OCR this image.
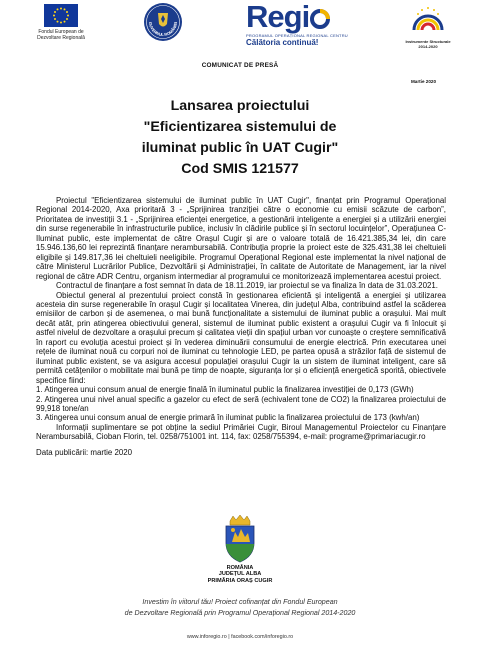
Fondul European de Dezvoltare Regională
GUVERNUL ROMÂNIEI Regi
PROGRAMUL OPERAȚIONAL REGIONAL CENTRU
Călătoria continuă!	Instrumente Structurale 2014-2020
COMUNICAT DE PRESĂ
Martie 2020
Lansarea proiectului
"Eficientizarea sistemului de
iluminat public în UAT Cugir"
Cod SMIS 121577

Proiectul "Eficientizarea sistemului de iluminat public în UAT Cugir", finanțat prin Programul Operațional Regional 2014-2020, Axa prioritară 3 - „Sprijinirea tranziției către o economie cu emisii scăzute de carbon”, Prioritatea de investiții 3.1 - „Sprijinirea eficienței energetice, a gestionării inteligente a energiei și a utilizării energiei din surse regenerabile în infrastructurile publice, inclusiv în clădirile publice și în sectorul locuințelor”, Operațiunea C-Iluminat public, este implementat de către Orașul Cugir și are o valoare totală de 16.421.385,34 lei, din care 15.946.136,60 lei reprezintă finanțare nerambursabilă. Contribuția proprie la proiect este de 325.431,38 lei cheltuieli eligibile și 149.817,36 lei cheltuieli neeligibile. Programul Operațional Regional este implementat la nivel național de către Ministerul Lucrărilor Publice, Dezvoltării și Administrației, în calitate de Autoritate de Management, iar la nivel regional de către ADR Centru, organism intermediar al programului ce monitorizează implementarea acestui proiect.

Contractul de finanțare a fost semnat în data de 18.11.2019, iar proiectul se va finaliza în data de 31.03.2021.

Obiectul general al prezentului proiect constă în gestionarea eficientă și inteligentă a energiei și utilizarea acesteia din surse regenerabile în orașul Cugir și localitatea Vinerea, din județul Alba, contribuind astfel la scăderea emisiilor de carbon și de asemenea, o mai bună funcționalitate a sistemului de iluminat public a orașului. Mai mult decât atât, prin atingerea obiectivului general, sistemul de iluminat public existent a orașului Cugir va fi înlocuit și astfel nivelul de dezvoltare a orașului precum și calitatea vieții din spațiul urban vor cunoaște o creștere semnificativă în raport cu evoluția acestui proiect și în vederea diminuării consumului de energie electrică. Prin executarea unei rețele de iluminat nouă cu corpuri noi de iluminat cu tehnologie LED, pe partea opusă a străzilor față de sistemul de iluminat public existent, se va asigura accesul populației orașului Cugir la un sistem de iluminat inteligent, care să permită cetățenilor o mobilitate mai bună pe timp de noapte, siguranța lor și o eficiență energetică sporită, obiectivele specifice fiind:

1. Atingerea unui consum anual de energie finală în iluminatul public la finalizarea investiției de 0,173 (GWh)

2. Atingerea unui nivel anual specific a gazelor cu efect de seră (echivalent tone de CO2) la finalizarea proiectului de 99,918 tone/an

3. Atingerea unui consum anual de energie primară în iluminat public la finalizarea proiectului de 173 (kwh/an)

Informații suplimentare se pot obține la sediul Primăriei Cugir, Biroul Managementul Proiectelor cu Finanțare Nerambursabilă, Cioban Florin, tel. 0258/751001 int. 114, fax: 0258/755394, e-mail: programe@primariacugir.ro

Data publicării: martie 2020

ROMÂNIA
JUDEȚUL ALBA
PRIMĂRIA ORAȘ CUGIR
Investim în viitorul tău! Proiect cofinanțat din Fondul European
de Dezvoltare Regională prin Programul Operațional Regional 2014-2020
www.inforegio.ro | facebook.com/inforegio.ro
